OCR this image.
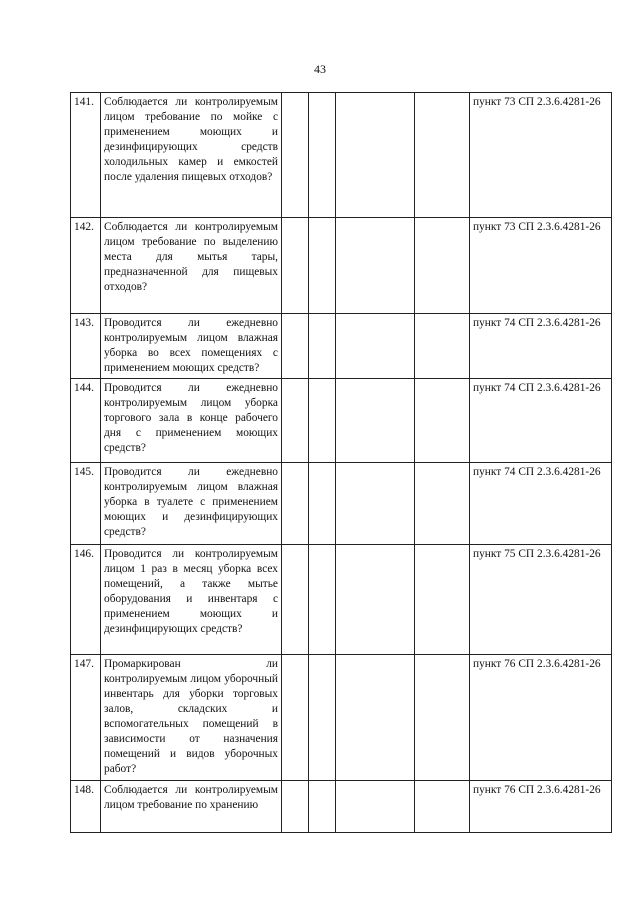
43
141.	Соблюдается ли контролируемым лицом требование по мойке с применением моющих и дезинфицирующих средств холодильных камер и емкостей после удаления пищевых отходов?					пункт 73 СП 2.3.6.4281-26
142.	Соблюдается ли контролируемым лицом требование по выделению места для мытья тары, предназначенной для пищевых отходов?					пункт 73 СП 2.3.6.4281-26
143.	Проводится ли ежедневно контролируемым лицом влажная уборка во всех помещениях с применением моющих средств?					пункт 74 СП 2.3.6.4281-26
144.	Проводится ли ежедневно контролируемым лицом уборка торгового зала в конце рабочего дня с применением моющих средств?					пункт 74 СП 2.3.6.4281-26
145.	Проводится ли ежедневно контролируемым лицом влажная уборка в туалете с применением моющих и дезинфицирующих средств?					пункт 74 СП 2.3.6.4281-26
146.	Проводится ли контролируемым лицом 1 раз в месяц уборка всех помещений, а также мытье оборудования и инвентаря с применением моющих и дезинфицирующих средств?					пункт 75 СП 2.3.6.4281-26
147.	Промаркирован ли контролируемым лицом уборочный инвентарь для уборки торговых залов, складских и вспомогательных помещений в зависимости от назначения помещений и видов уборочных работ?					пункт 76 СП 2.3.6.4281-26
148.	Соблюдается ли контролируемым лицом требование по хранению					пункт 76 СП 2.3.6.4281-26
